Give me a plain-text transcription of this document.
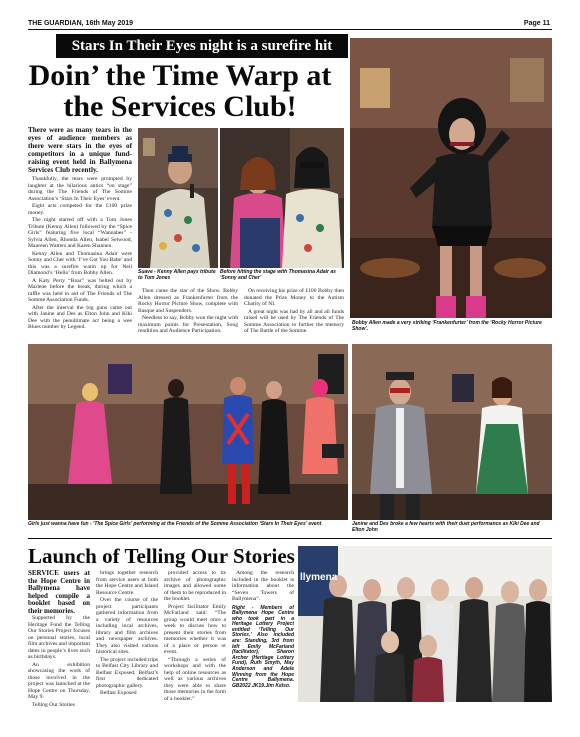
THE GUARDIAN, 16th May 2019	Page 11
Stars In Their Eyes night is a surefire hit
Doin’ the Time Warp at the Services Club!
There were as many tears in the eyes of audience members as there were stars in the eyes of competitors in a unique fund-raising event held in Ballymena Services Club recently.

Thankfully, the tears were prompted by laughter at the hilarious antics “on stage” during the The Friends of The Somme Association’s ‘Stars In Their Eyes’ event.

Eight acts competed for the £100 prize money.

The night started off with a Tom Jones Tribute (Kenny Allen) followed by the “Spice Girls” featuring five local “Wannabes” - Sylvia Allen, Rhonda Allen, Isabel Selwood, Maureen Watters and Karen Shannen.

Kenny Allen and Thomasina Adair were Sonny and Cher with ‘I’ve Got You Babe’ and this was a surefire warm up for Neil Diamond’s ‘Hello’ from Bobby Allen.

A Katy Perry “Roar” was belted out by Marlene before the break, during which a raffle was held in aid of The Friends of The Somme Association Funds.

After the interval the big guns came out with Janine and Des as Elton John and Kiki Dee with the penultimate act being a wee Blues number by Legend.

Suave - Kenny Allen pays tribute to Tom Jones
Before hitting the stage with Thomasina Adair as ‘Sonny and Cher’

Then came the star of the Show. Bobby Allen dressed as Frankenfurter from the Rocky Horror Picture Show, complete with Basque and Suspenders.

Needless to say, Bobby won the night with maximum points for Presentation, Song rendition and Audience Participation.

On receiving his prize of £100 Bobby then donated the Prize Money to the Autism Charity of NI.

A great night was had by all and all funds raised will be used by The Friends of The Somme Association to further the memory of The Battle of the Somme.

Bobby Allen made a very striking ‘Frankenfurter’ from the ‘Rocky Horror Picture Show’.
Girls just wanna have fun - ‘The Spice Girls’ performing at the Friends of the Somme Association ‘Stars In Their Eyes’ event	Janine and Des broke a few hearts with their duet performance as Kiki Dee and Elton John
Launch of Telling Our Stories
SERVICE users at the Hope Centre in Ballymena have helped compile a booklet based on their memories.

Supported by the Heritage Fund the Telling Our Stories Project focuses on personal stories, local film archives and important dates in people’s lives such as birthdays.

An exhibition showcasing the work of those involved in the project was launched at the Hope Centre on Thursday, May 9.

Telling Our Stories

brings together research from service users at both the Hope Centre and Island Resource Centre.

Over the course of the project participants gathered information from a variety of resources including local archives, library and film archives and newspaper archives. They also visited various historical sites.

The project included trips to Belfast City Library and Belfast Exposed, Belfast’s first dedicated photographic gallery.

Belfast Exposed

provided access to its archive of photographic images and allowed some of them to be reproduced in the booklet.

Project facilitator Emily McFarland said: “The group would meet once a week to discuss how to present their stories from memories whether it was of a place or person or event.

“Through a series of workshops and with the help of online resources as well as various archives they were able to share those memories in the form of a booklet.”

Among the research included in the booklet is information about the “Seven Towers of Ballymena”.

Right - Members of Ballymena Hope Centre who took part in a Heritage Lottery Project entitled ‘Telling Our Stories.’ Also included are: Standing, 3rd from left Emily McFarland (facilitator), Sharon Archer (Heritage Lottery Fund), Ruth Smyth, May Anderson and Adele Winning from the Hope Centre Ballymena. GB2022 JK19.Jim Kelso.
llymena
